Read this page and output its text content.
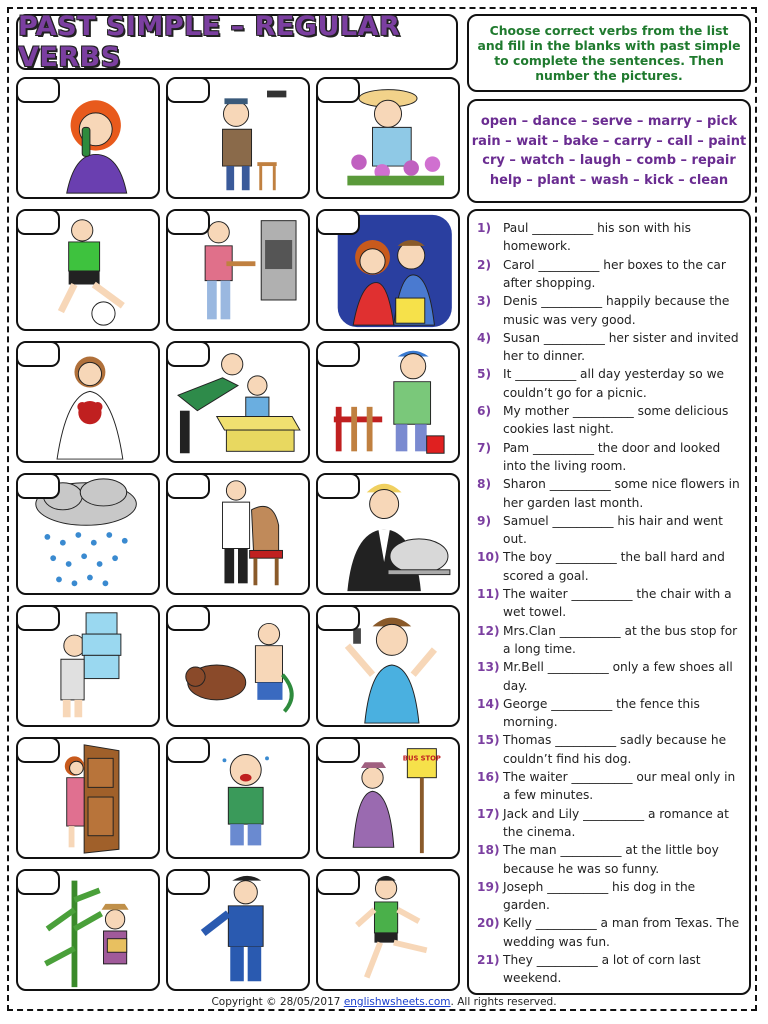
PAST SIMPLE – REGULAR VERBS
Choose correct verbs from the list and fill in the blanks with past simple to complete the sentences. Then number the pictures.
open – dance – serve – marry – pick
rain – wait – bake – carry – call – paint
cry – watch – laugh – comb – repair
help – plant – wash – kick – clean
1) Paul __________ his son with his homework.
2) Carol __________ her boxes to the car after shopping.
3) Denis __________ happily because the music was very good.
4) Susan __________ her sister and invited her to dinner.
5) It __________ all day yesterday so we couldn’t go for a picnic.
6) My mother __________ some delicious cookies last night.
7) Pam __________ the door and looked into the living room.
8) Sharon __________ some nice flowers in her garden last month.
9) Samuel __________ his hair and went out.
10) The boy __________ the ball hard and scored a goal.
11) The waiter __________ the chair with a wet towel.
12) Mrs.Clan __________ at the bus stop for a long time.
13) Mr.Bell __________ only a few shoes all day.
14) George __________ the fence this morning.
15) Thomas __________ sadly because he couldn’t find his dog.
16) The waiter __________ our meal only in a few minutes.
17) Jack and Lily __________ a romance at the cinema.
18) The man __________ at the little boy because he was so funny.
19) Joseph __________ his dog in the garden.
20) Kelly __________ a man from Texas. The wedding was fun.
21) They __________ a lot of corn last weekend.
BUS STOP
Copyright © 28/05/2017 englishwsheets.com. All rights reserved.
